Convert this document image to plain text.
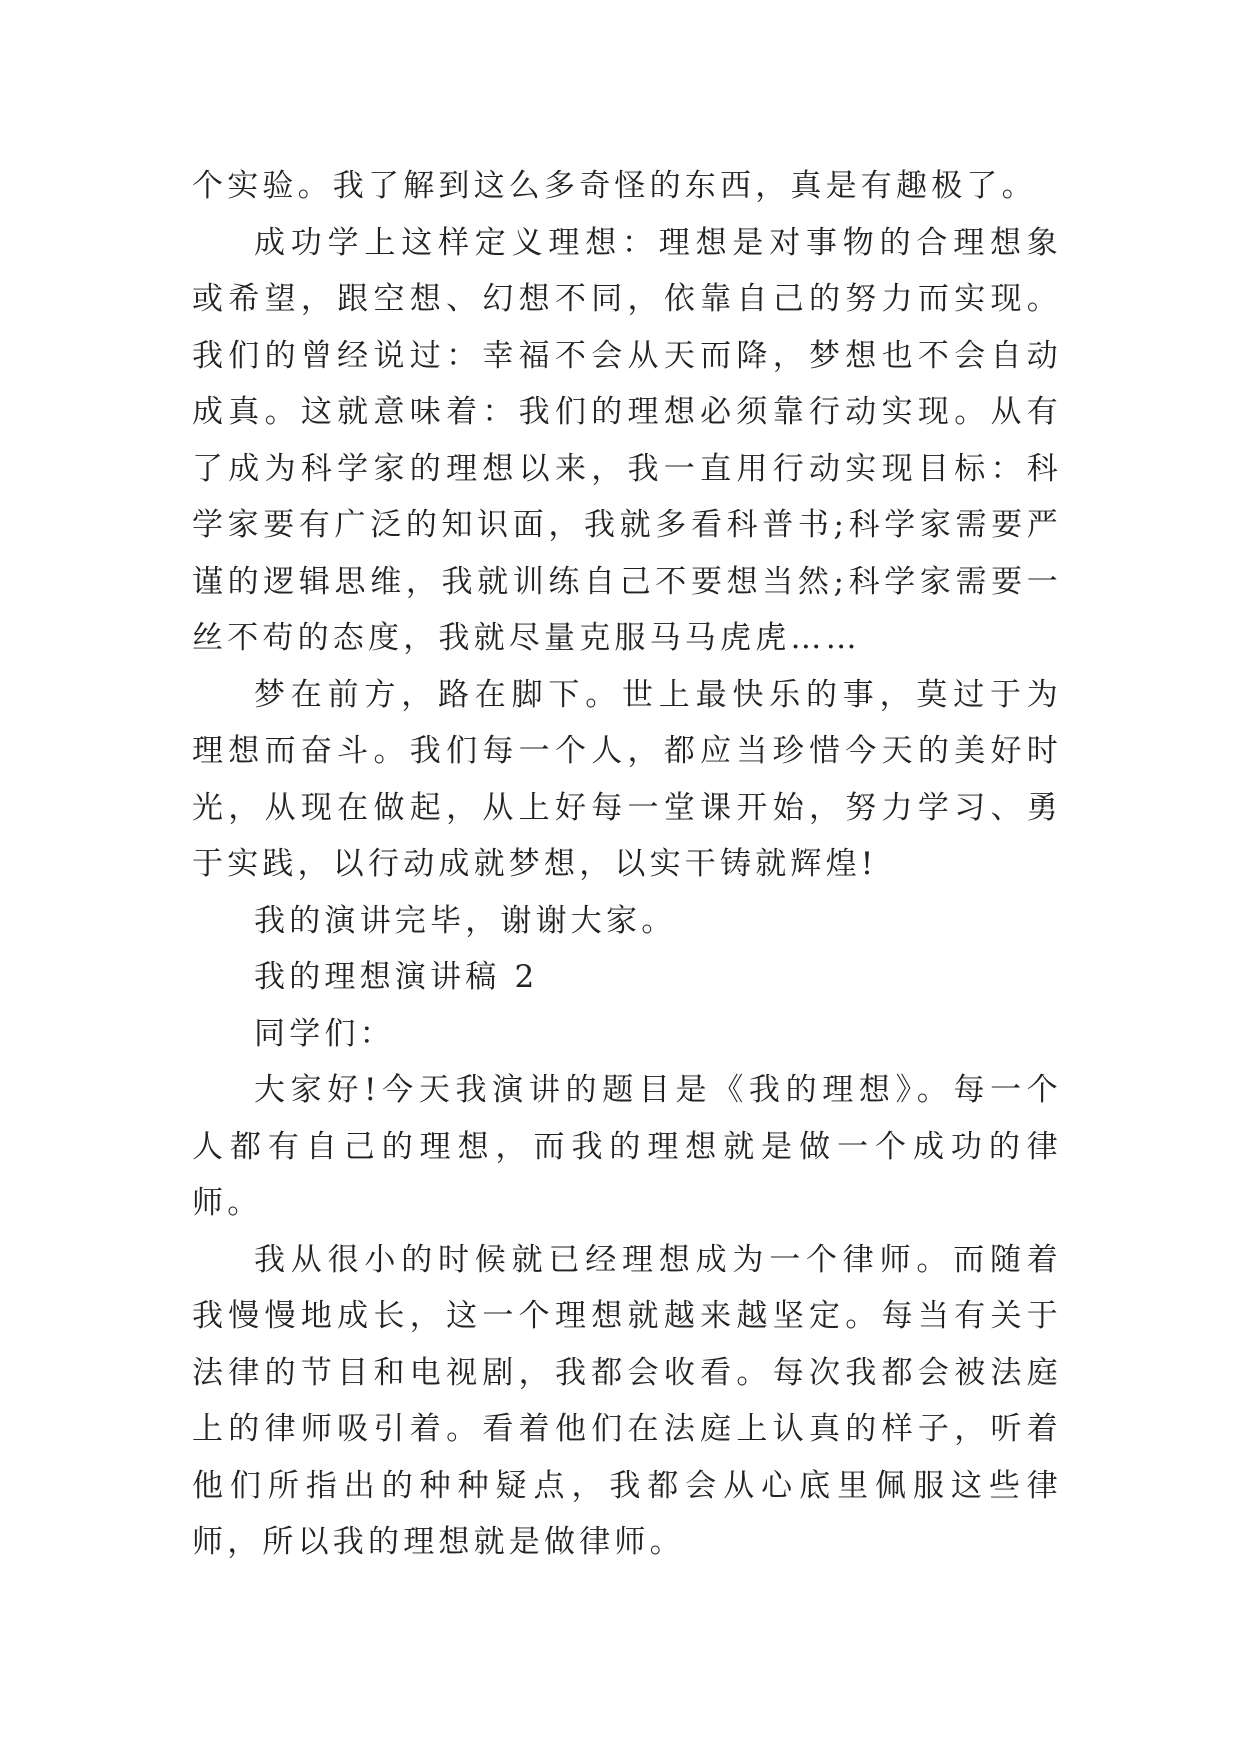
个实验。我了解到这么多奇怪的东西，真是有趣极了。

成功学上这样定义理想：理想是对事物的合理想象或希望，跟空想、幻想不同，依靠自己的努力而实现。我们的曾经说过：幸福不会从天而降，梦想也不会自动成真。这就意味着：我们的理想必须靠行动实现。从有了成为科学家的理想以来，我一直用行动实现目标：科学家要有广泛的知识面，我就多看科普书;科学家需要严谨的逻辑思维，我就训练自己不要想当然;科学家需要一丝不苟的态度，我就尽量克服马马虎虎……

梦在前方，路在脚下。世上最快乐的事，莫过于为理想而奋斗。我们每一个人，都应当珍惜今天的美好时光，从现在做起，从上好每一堂课开始，努力学习、勇于实践，以行动成就梦想，以实干铸就辉煌!

我的演讲完毕，谢谢大家。

我的理想演讲稿 2

同学们：

大家好!今天我演讲的题目是《我的理想》。每一个人都有自己的理想，而我的理想就是做一个成功的律师。

我从很小的时候就已经理想成为一个律师。而随着我慢慢地成长，这一个理想就越来越坚定。每当有关于法律的节目和电视剧，我都会收看。每次我都会被法庭上的律师吸引着。看着他们在法庭上认真的样子，听着他们所指出的种种疑点，我都会从心底里佩服这些律师，所以我的理想就是做律师。
